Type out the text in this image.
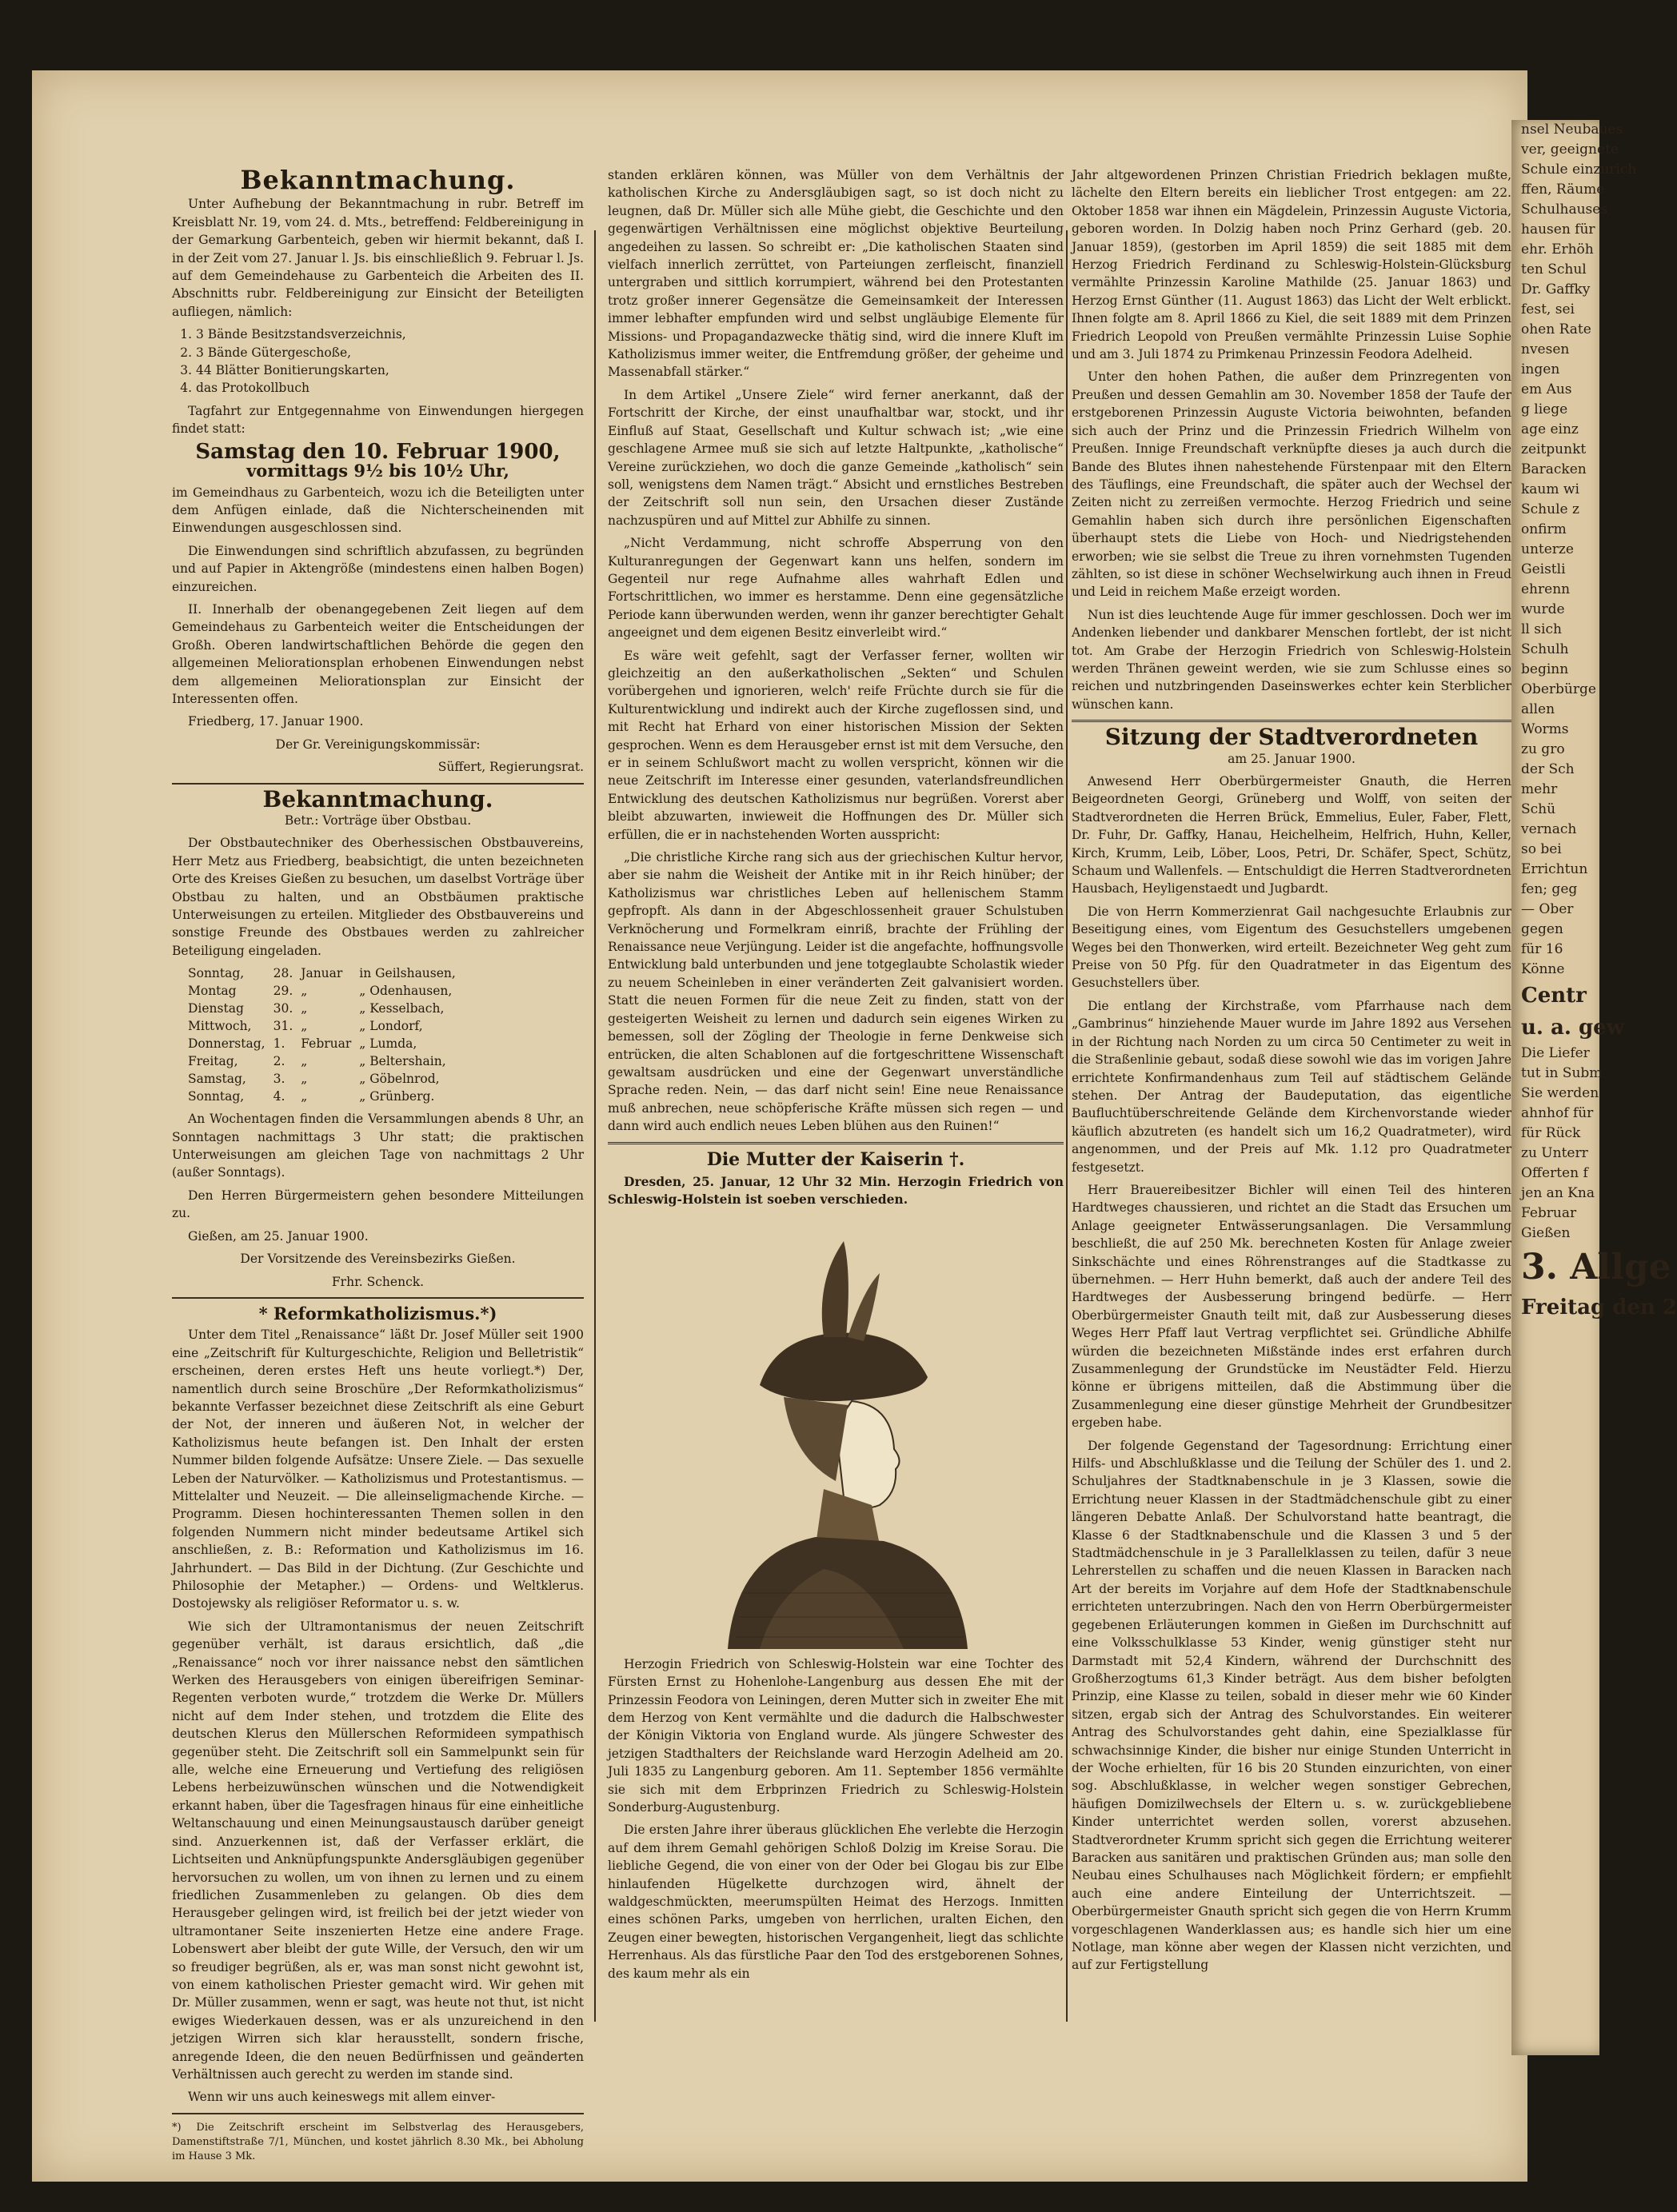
Bekanntmachung.

Unter Aufhebung der Bekanntmachung in rubr. Betreff im Kreisblatt Nr. 19, vom 24. d. Mts., betreffend: Feldbereinigung in der Gemarkung Garbenteich, geben wir hiermit bekannt, daß I. in der Zeit vom 27. Januar l. Js. bis einschließlich 9. Februar l. Js. auf dem Gemeindehause zu Garbenteich die Arbeiten des II. Abschnitts rubr. Feldbereinigung zur Einsicht der Beteiligten aufliegen, nämlich:

1. 3 Bände Besitzstandsverzeichnis,
2. 3 Bände Gütergeschoße,
3. 44 Blätter Bonitierungskarten,
4. das Protokollbuch

Tagfahrt zur Entgegennahme von Einwendungen hiergegen findet statt:

Samstag den 10. Februar 1900,
vormittags 9½ bis 10½ Uhr,

im Gemeindhaus zu Garbenteich, wozu ich die Beteiligten unter dem Anfügen einlade, daß die Nichterscheinenden mit Einwendungen ausgeschlossen sind.

Die Einwendungen sind schriftlich abzufassen, zu begründen und auf Papier in Aktengröße (mindestens einen halben Bogen) einzureichen.

II. Innerhalb der obenangegebenen Zeit liegen auf dem Gemeindehaus zu Garbenteich weiter die Entscheidungen der Großh. Oberen landwirtschaftlichen Behörde die gegen den allgemeinen Meliorationsplan erhobenen Einwendungen nebst dem allgemeinen Meliorationsplan zur Einsicht der Interessenten offen.

Friedberg, 17. Januar 1900.

Der Gr. Vereinigungskommissär:

Süffert, Regierungsrat.

Bekanntmachung.

Betr.: Vorträge über Obstbau.

Der Obstbautechniker des Oberhessischen Obstbauvereins, Herr Metz aus Friedberg, beabsichtigt, die unten bezeichneten Orte des Kreises Gießen zu besuchen, um daselbst Vorträge über Obstbau zu halten, und an Obstbäumen praktische Unterweisungen zu erteilen. Mitglieder des Obstbauvereins und sonstige Freunde des Obstbaues werden zu zahlreicher Beteiligung eingeladen.

Sonntag,	28.	Januar	in Geilshausen,
Montag	29.	„	„ Odenhausen,
Dienstag	30.	„	„ Kesselbach,
Mittwoch,	31.	„	„ Londorf,
Donnerstag,	1.	Februar	„ Lumda,
Freitag,	2.	„	„ Beltershain,
Samstag,	3.	„	„ Göbelnrod,
Sonntag,	4.	„	„ Grünberg.

An Wochentagen finden die Versammlungen abends 8 Uhr, an Sonntagen nachmittags 3 Uhr statt; die praktischen Unterweisungen am gleichen Tage von nachmittags 2 Uhr (außer Sonntags).

Den Herren Bürgermeistern gehen besondere Mitteilungen zu.

Gießen, am 25. Januar 1900.

Der Vorsitzende des Vereinsbezirks Gießen.

Frhr. Schenck.

* Reformkatholizismus.*)

Unter dem Titel „Renaissance“ läßt Dr. Josef Müller seit 1900 eine „Zeitschrift für Kulturgeschichte, Religion und Belletristik“ erscheinen, deren erstes Heft uns heute vorliegt.*) Der, namentlich durch seine Broschüre „Der Reformkatholizismus“ bekannte Verfasser bezeichnet diese Zeitschrift als eine Geburt der Not, der inneren und äußeren Not, in welcher der Katholizismus heute befangen ist. Den Inhalt der ersten Nummer bilden folgende Aufsätze: Unsere Ziele. — Das sexuelle Leben der Naturvölker. — Katholizismus und Protestantismus. — Mittelalter und Neuzeit. — Die alleinseligmachende Kirche. — Programm. Diesen hochinteressanten Themen sollen in den folgenden Nummern nicht minder bedeutsame Artikel sich anschließen, z. B.: Reformation und Katholizismus im 16. Jahrhundert. — Das Bild in der Dichtung. (Zur Geschichte und Philosophie der Metapher.) — Ordens- und Weltklerus. Dostojewsky als religiöser Reformator u. s. w.

Wie sich der Ultramontanismus der neuen Zeitschrift gegenüber verhält, ist daraus ersichtlich, daß „die „Renaissance“ noch vor ihrer naissance nebst den sämtlichen Werken des Herausgebers von einigen übereifrigen Seminar-Regenten verboten wurde,“ trotzdem die Werke Dr. Müllers nicht auf dem Inder stehen, und trotzdem die Elite des deutschen Klerus den Müllerschen Reformideen sympathisch gegenüber steht. Die Zeitschrift soll ein Sammelpunkt sein für alle, welche eine Erneuerung und Vertiefung des religiösen Lebens herbeizuwünschen wünschen und die Notwendigkeit erkannt haben, über die Tagesfragen hinaus für eine einheitliche Weltanschauung und einen Meinungsaustausch darüber geneigt sind. Anzuerkennen ist, daß der Verfasser erklärt, die Lichtseiten und Anknüpfungspunkte Andersgläubigen gegenüber hervorsuchen zu wollen, um von ihnen zu lernen und zu einem friedlichen Zusammenleben zu gelangen. Ob dies dem Herausgeber gelingen wird, ist freilich bei der jetzt wieder von ultramontaner Seite inszenierten Hetze eine andere Frage. Lobenswert aber bleibt der gute Wille, der Versuch, den wir um so freudiger begrüßen, als er, was man sonst nicht gewohnt ist, von einem katholischen Priester gemacht wird. Wir gehen mit Dr. Müller zusammen, wenn er sagt, was heute not thut, ist nicht ewiges Wiederkauen dessen, was er als unzureichend in den jetzigen Wirren sich klar herausstellt, sondern frische, anregende Ideen, die den neuen Bedürfnissen und geänderten Verhältnissen auch gerecht zu werden im stande sind.

Wenn wir uns auch keineswegs mit allem einver-

*) Die Zeitschrift erscheint im Selbstverlag des Herausgebers, Damenstiftstraße 7/1, München, und kostet jährlich 8.30 Mk., bei Abholung im Hause 3 Mk.

standen erklären können, was Müller von dem Verhältnis der katholischen Kirche zu Andersgläubigen sagt, so ist doch nicht zu leugnen, daß Dr. Müller sich alle Mühe giebt, die Geschichte und den gegenwärtigen Verhältnissen eine möglichst objektive Beurteilung angedeihen zu lassen. So schreibt er: „Die katholischen Staaten sind vielfach innerlich zerrüttet, von Parteiungen zerfleischt, finanziell untergraben und sittlich korrumpiert, während bei den Protestanten trotz großer innerer Gegensätze die Gemeinsamkeit der Interessen immer lebhafter empfunden wird und selbst ungläubige Elemente für Missions- und Propagandazwecke thätig sind, wird die innere Kluft im Katholizismus immer weiter, die Entfremdung größer, der geheime und Massenabfall stärker.“

In dem Artikel „Unsere Ziele“ wird ferner anerkannt, daß der Fortschritt der Kirche, der einst unaufhaltbar war, stockt, und ihr Einfluß auf Staat, Gesellschaft und Kultur schwach ist; „wie eine geschlagene Armee muß sie sich auf letzte Haltpunkte, „katholische“ Vereine zurückziehen, wo doch die ganze Gemeinde „katholisch“ sein soll, wenigstens dem Namen trägt.“ Absicht und ernstliches Bestreben der Zeitschrift soll nun sein, den Ursachen dieser Zustände nachzuspüren und auf Mittel zur Abhilfe zu sinnen.

„Nicht Verdammung, nicht schroffe Absperrung von den Kulturanregungen der Gegenwart kann uns helfen, sondern im Gegenteil nur rege Aufnahme alles wahrhaft Edlen und Fortschrittlichen, wo immer es herstamme. Denn eine gegensätzliche Periode kann überwunden werden, wenn ihr ganzer berechtigter Gehalt angeeignet und dem eigenen Besitz einverleibt wird.“

Es wäre weit gefehlt, sagt der Verfasser ferner, wollten wir gleichzeitig an den außerkatholischen „Sekten“ und Schulen vorübergehen und ignorieren, welch' reife Früchte durch sie für die Kulturentwicklung und indirekt auch der Kirche zugeflossen sind, und mit Recht hat Erhard von einer historischen Mission der Sekten gesprochen. Wenn es dem Herausgeber ernst ist mit dem Versuche, den er in seinem Schlußwort macht zu wollen verspricht, können wir die neue Zeitschrift im Interesse einer gesunden, vaterlandsfreundlichen Entwicklung des deutschen Katholizismus nur begrüßen. Vorerst aber bleibt abzuwarten, inwieweit die Hoffnungen des Dr. Müller sich erfüllen, die er in nachstehenden Worten ausspricht:

„Die christliche Kirche rang sich aus der griechischen Kultur hervor, aber sie nahm die Weisheit der Antike mit in ihr Reich hinüber; der Katholizismus war christliches Leben auf hellenischem Stamm gepfropft. Als dann in der Abgeschlossenheit grauer Schulstuben Verknöcherung und Formelkram einriß, brachte der Frühling der Renaissance neue Verjüngung. Leider ist die angefachte, hoffnungsvolle Entwicklung bald unterbunden und jene totgeglaubte Scholastik wieder zu neuem Scheinleben in einer veränderten Zeit galvanisiert worden. Statt die neuen Formen für die neue Zeit zu finden, statt von der gesteigerten Weisheit zu lernen und dadurch sein eigenes Wirken zu bemessen, soll der Zögling der Theologie in ferne Denkweise sich entrücken, die alten Schablonen auf die fortgeschrittene Wissenschaft gewaltsam ausdrücken und eine der Gegenwart unverständliche Sprache reden. Nein, — das darf nicht sein! Eine neue Renaissance muß anbrechen, neue schöpferische Kräfte müssen sich regen — und dann wird auch endlich neues Leben blühen aus den Ruinen!“

Die Mutter der Kaiserin †.

Dresden, 25. Januar, 12 Uhr 32 Min. Herzogin Friedrich von Schleswig-Holstein ist soeben verschieden.

Herzogin Friedrich von Schleswig-Holstein war eine Tochter des Fürsten Ernst zu Hohenlohe-Langenburg aus dessen Ehe mit der Prinzessin Feodora von Leiningen, deren Mutter sich in zweiter Ehe mit dem Herzog von Kent vermählte und die dadurch die Halbschwester der Königin Viktoria von England wurde. Als jüngere Schwester des jetzigen Stadthalters der Reichslande ward Herzogin Adelheid am 20. Juli 1835 zu Langenburg geboren. Am 11. September 1856 vermählte sie sich mit dem Erbprinzen Friedrich zu Schleswig-Holstein Sonderburg-Augustenburg.

Die ersten Jahre ihrer überaus glücklichen Ehe verlebte die Herzogin auf dem ihrem Gemahl gehörigen Schloß Dolzig im Kreise Sorau. Die liebliche Gegend, die von einer von der Oder bei Glogau bis zur Elbe hinlaufenden Hügelkette durchzogen wird, ähnelt der waldgeschmückten, meerumspülten Heimat des Herzogs. Inmitten eines schönen Parks, umgeben von herrlichen, uralten Eichen, den Zeugen einer bewegten, historischen Vergangenheit, liegt das schlichte Herrenhaus. Als das fürstliche Paar den Tod des erstgeborenen Sohnes, des kaum mehr als ein

Jahr altgewordenen Prinzen Christian Friedrich beklagen mußte, lächelte den Eltern bereits ein lieblicher Trost entgegen: am 22. Oktober 1858 war ihnen ein Mägdelein, Prinzessin Auguste Victoria, geboren worden. In Dolzig haben noch Prinz Gerhard (geb. 20. Januar 1859), (gestorben im April 1859) die seit 1885 mit dem Herzog Friedrich Ferdinand zu Schleswig-Holstein-Glücksburg vermählte Prinzessin Karoline Mathilde (25. Januar 1863) und Herzog Ernst Günther (11. August 1863) das Licht der Welt erblickt. Ihnen folgte am 8. April 1866 zu Kiel, die seit 1889 mit dem Prinzen Friedrich Leopold von Preußen vermählte Prinzessin Luise Sophie und am 3. Juli 1874 zu Primkenau Prinzessin Feodora Adelheid.

Unter den hohen Pathen, die außer dem Prinzregenten von Preußen und dessen Gemahlin am 30. November 1858 der Taufe der erstgeborenen Prinzessin Auguste Victoria beiwohnten, befanden sich auch der Prinz und die Prinzessin Friedrich Wilhelm von Preußen. Innige Freundschaft verknüpfte dieses ja auch durch die Bande des Blutes ihnen nahestehende Fürstenpaar mit den Eltern des Täuflings, eine Freundschaft, die später auch der Wechsel der Zeiten nicht zu zerreißen vermochte. Herzog Friedrich und seine Gemahlin haben sich durch ihre persönlichen Eigenschaften überhaupt stets die Liebe von Hoch- und Niedrigstehenden erworben; wie sie selbst die Treue zu ihren vornehmsten Tugenden zählten, so ist diese in schöner Wechselwirkung auch ihnen in Freud und Leid in reichem Maße erzeigt worden.

Nun ist dies leuchtende Auge für immer geschlossen. Doch wer im Andenken liebender und dankbarer Menschen fortlebt, der ist nicht tot. Am Grabe der Herzogin Friedrich von Schleswig-Holstein werden Thränen geweint werden, wie sie zum Schlusse eines so reichen und nutzbringenden Daseinswerkes echter kein Sterblicher wünschen kann.

Sitzung der Stadtverordneten

am 25. Januar 1900.

Anwesend Herr Oberbürgermeister Gnauth, die Herren Beigeordneten Georgi, Grüneberg und Wolff, von seiten der Stadtverordneten die Herren Brück, Emmelius, Euler, Faber, Flett, Dr. Fuhr, Dr. Gaffky, Hanau, Heichelheim, Helfrich, Huhn, Keller, Kirch, Krumm, Leib, Löber, Loos, Petri, Dr. Schäfer, Spect, Schütz, Schaum und Wallenfels. — Entschuldigt die Herren Stadtverordneten Hausbach, Heyligenstaedt und Jugbardt.

Die von Herrn Kommerzienrat Gail nachgesuchte Erlaubnis zur Beseitigung eines, vom Eigentum des Gesuchstellers umgebenen Weges bei den Thonwerken, wird erteilt. Bezeichneter Weg geht zum Preise von 50 Pfg. für den Quadratmeter in das Eigentum des Gesuchstellers über.

Die entlang der Kirchstraße, vom Pfarrhause nach dem „Gambrinus“ hinziehende Mauer wurde im Jahre 1892 aus Versehen in der Richtung nach Norden zu um circa 50 Centimeter zu weit in die Straßenlinie gebaut, sodaß diese sowohl wie das im vorigen Jahre errichtete Konfirmandenhaus zum Teil auf städtischem Gelände stehen. Der Antrag der Baudeputation, das eigentliche Baufluchtüberschreitende Gelände dem Kirchenvorstande wieder käuflich abzutreten (es handelt sich um 16,2 Quadratmeter), wird angenommen, und der Preis auf Mk. 1.12 pro Quadratmeter festgesetzt.

Herr Brauereibesitzer Bichler will einen Teil des hinteren Hardtweges chaussieren, und richtet an die Stadt das Ersuchen um Anlage geeigneter Entwässerungsanlagen. Die Versammlung beschließt, die auf 250 Mk. berechneten Kosten für Anlage zweier Sinkschächte und eines Röhrenstranges auf die Stadtkasse zu übernehmen. — Herr Huhn bemerkt, daß auch der andere Teil des Hardtweges der Ausbesserung bringend bedürfe. — Herr Oberbürgermeister Gnauth teilt mit, daß zur Ausbesserung dieses Weges Herr Pfaff laut Vertrag verpflichtet sei. Gründliche Abhilfe würden die bezeichneten Mißstände indes erst erfahren durch Zusammenlegung der Grundstücke im Neustädter Feld. Hierzu könne er übrigens mitteilen, daß die Abstimmung über die Zusammenlegung eine dieser günstige Mehrheit der Grundbesitzer ergeben habe.

Der folgende Gegenstand der Tagesordnung: Errichtung einer Hilfs- und Abschlußklasse und die Teilung der Schüler des 1. und 2. Schuljahres der Stadtknabenschule in je 3 Klassen, sowie die Errichtung neuer Klassen in der Stadtmädchenschule gibt zu einer längeren Debatte Anlaß. Der Schulvorstand hatte beantragt, die Klasse 6 der Stadtknabenschule und die Klassen 3 und 5 der Stadtmädchenschule in je 3 Parallelklassen zu teilen, dafür 3 neue Lehrerstellen zu schaffen und die neuen Klassen in Baracken nach Art der bereits im Vorjahre auf dem Hofe der Stadtknabenschule errichteten unterzubringen. Nach den von Herrn Oberbürgermeister gegebenen Erläuterungen kommen in Gießen im Durchschnitt auf eine Volksschulklasse 53 Kinder, wenig günstiger steht nur Darmstadt mit 52,4 Kindern, während der Durchschnitt des Großherzogtums 61,3 Kinder beträgt. Aus dem bisher befolgten Prinzip, eine Klasse zu teilen, sobald in dieser mehr wie 60 Kinder sitzen, ergab sich der Antrag des Schulvorstandes. Ein weiterer Antrag des Schulvorstandes geht dahin, eine Spezialklasse für schwachsinnige Kinder, die bisher nur einige Stunden Unterricht in der Woche erhielten, für 16 bis 20 Stunden einzurichten, von einer sog. Abschlußklasse, in welcher wegen sonstiger Gebrechen, häufigen Domizilwechsels der Eltern u. s. w. zurückgebliebene Kinder unterrichtet werden sollen, vorerst abzusehen. Stadtverordneter Krumm spricht sich gegen die Errichtung weiterer Baracken aus sanitären und praktischen Gründen aus; man solle den Neubau eines Schulhauses nach Möglichkeit fördern; er empfiehlt auch eine andere Einteilung der Unterrichtszeit. — Oberbürgermeister Gnauth spricht sich gegen die von Herrn Krumm vorgeschlagenen Wanderklassen aus; es handle sich hier um eine Notlage, man könne aber wegen der Klassen nicht verzichten, und auf zur Fertigstellung

nsel Neubaues
ver, geeignete
Schule einzurich
ffen, Räume
Schulhauses
hausen für
ehr. Erhöh
ten Schul
Dr. Gaffky
fest, sei
ohen Rate
nvesen
ingen
em Aus
g liege
age einz
zeitpunkt
Baracken
kaum wi
Schule z
onfirm
unterze
Geistli
ehrenn
wurde
ll sich
Schulh
beginn
Oberbürge
allen
Worms
zu gro
der Sch
mehr
Schü
vernach
so bei
Errichtun
fen; geg
— Ober
gegen
für 16
Könne
Centr
u. a. gew
Die Liefer
tut in Subm
Sie werden
ahnhof für
für Rück
zu Unterr
Offerten f
jen an Kna
Februar
Gießen
3. Allge
Freitag den 2
